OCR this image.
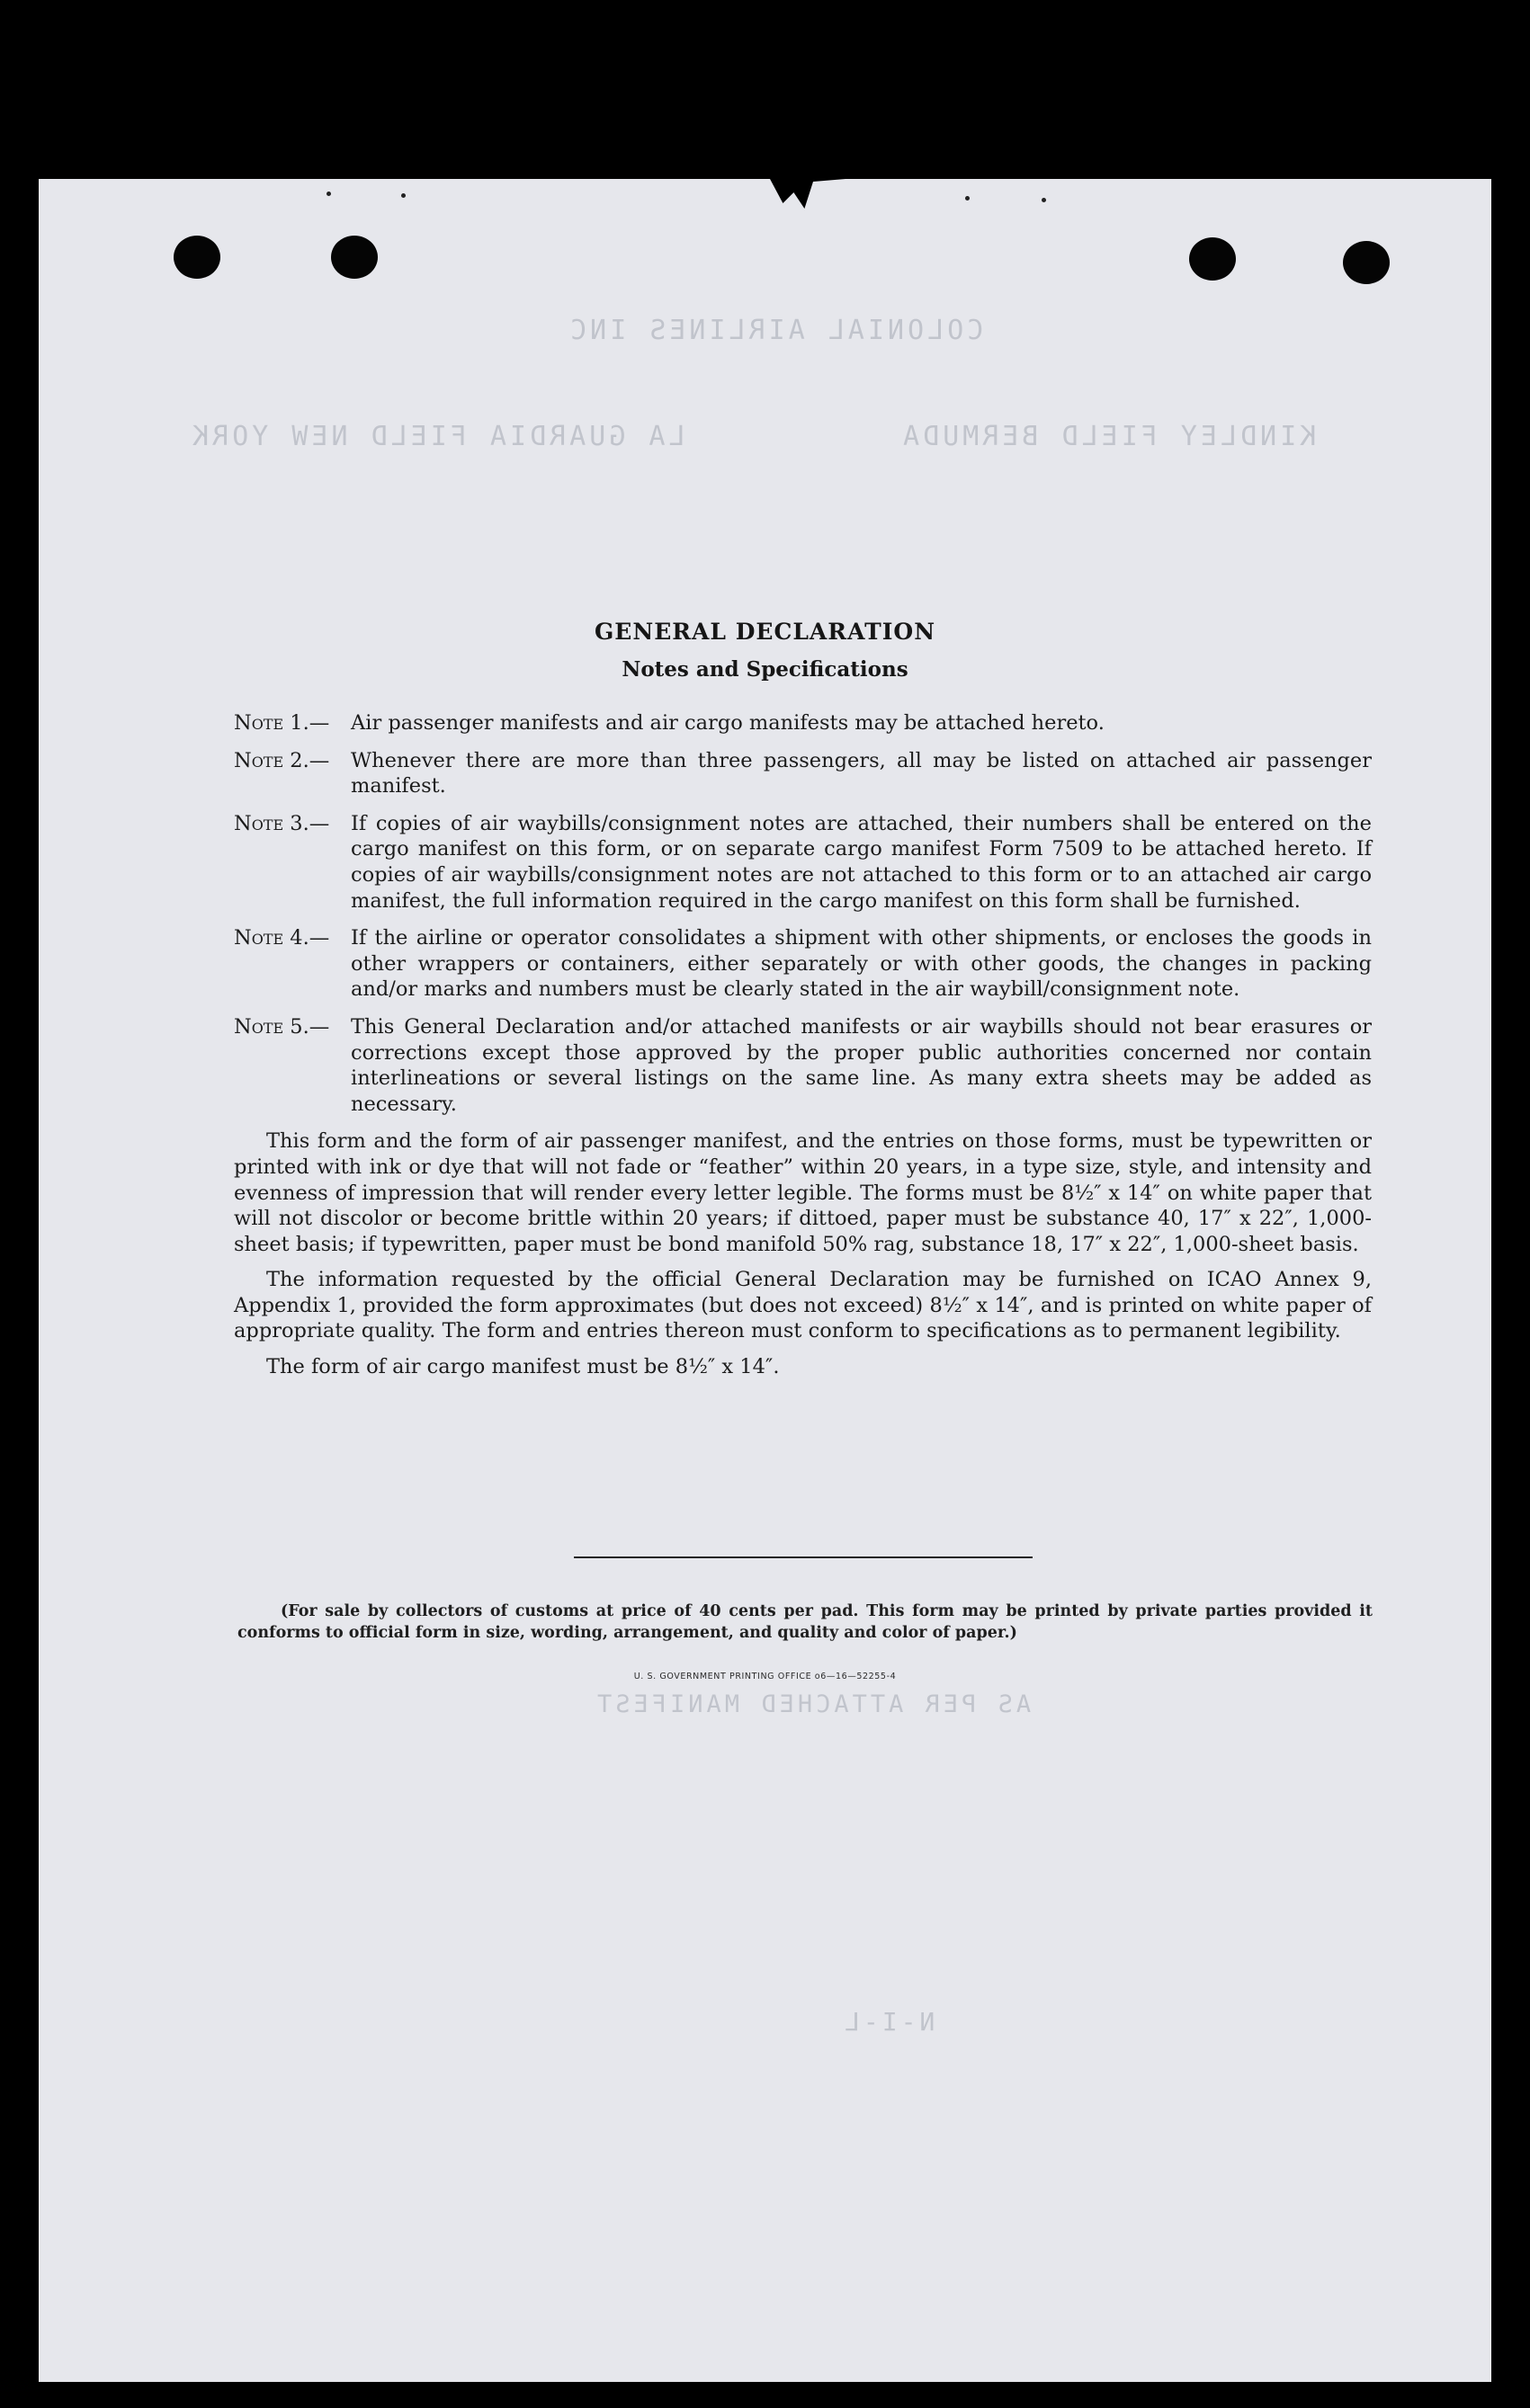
COLONIAL AIRLINES INC
KINDLEY FIELD BERMUDA
LA GUARDIA FIELD NEW YORK
AS PER ATTACHED MANIFEST
N-I-L
GENERAL DECLARATION
Notes and Specifications
Note 1.—	Air passenger manifests and air cargo manifests may be attached hereto.
Note 2.—	Whenever there are more than three passengers, all may be listed on attached air passenger manifest.
Note 3.—	If copies of air waybills/consignment notes are attached, their numbers shall be entered on the cargo manifest on this form, or on separate cargo manifest Form 7509 to be attached hereto. If copies of air waybills/consignment notes are not attached to this form or to an attached air cargo manifest, the full information required in the cargo manifest on this form shall be furnished.
Note 4.—	If the airline or operator consolidates a shipment with other shipments, or encloses the goods in other wrappers or containers, either separately or with other goods, the changes in packing and/or marks and numbers must be clearly stated in the air waybill/consignment note.
Note 5.—	This General Declaration and/or attached manifests or air waybills should not bear erasures or corrections except those approved by the proper public authorities concerned nor contain interlineations or several listings on the same line. As many extra sheets may be added as necessary.

This form and the form of air passenger manifest, and the entries on those forms, must be typewritten or printed with ink or dye that will not fade or “feather” within 20 years, in a type size, style, and intensity and evenness of impression that will render every letter legible. The forms must be 8½″ x 14″ on white paper that will not discolor or become brittle within 20 years; if dittoed, paper must be substance 40, 17″ x 22″, 1,000-sheet basis; if typewritten, paper must be bond manifold 50% rag, substance 18, 17″ x 22″, 1,000-sheet basis.

The information requested by the official General Declaration may be furnished on ICAO Annex 9, Appendix 1, provided the form approximates (but does not exceed) 8½″ x 14″, and is printed on white paper of appropriate quality. The form and entries thereon must conform to specifications as to permanent legibility.

The form of air cargo manifest must be 8½″ x 14″.

(For sale by collectors of customs at price of 40 cents per pad. This form may be printed by private parties provided it conforms to official form in size, wording, arrangement, and quality and color of paper.)
U. S. GOVERNMENT PRINTING OFFICE o6—16—52255-4
